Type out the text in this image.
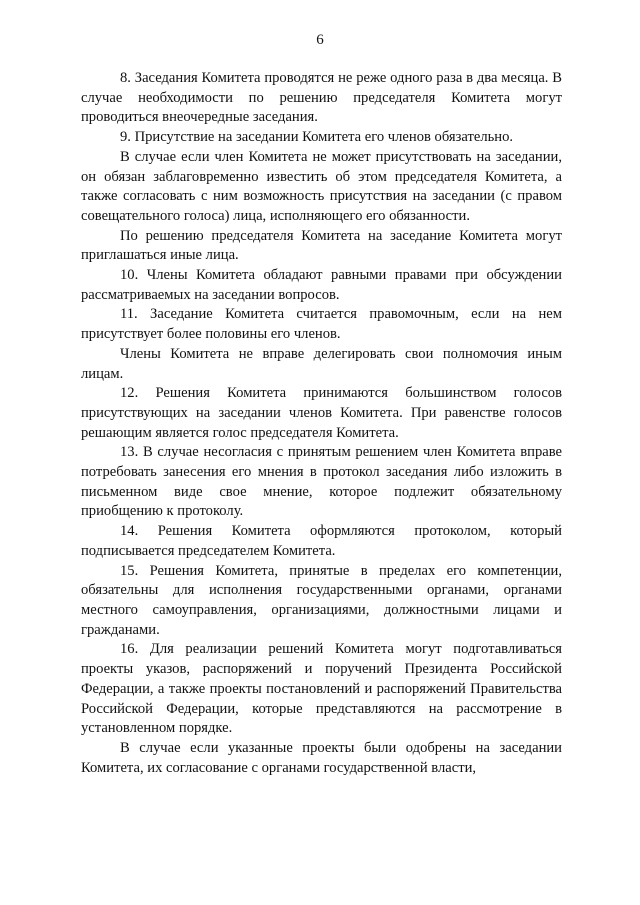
6

8. Заседания Комитета проводятся не реже одного раза в два месяца. В случае необходимости по решению председателя Комитета могут проводиться внеочередные заседания.

9. Присутствие на заседании Комитета его членов обязательно.

В случае если член Комитета не может присутствовать на заседании, он обязан заблаговременно известить об этом председателя Комитета, а также согласовать с ним возможность присутствия на заседании (с правом совещательного голоса) лица, исполняющего его обязанности.

По решению председателя Комитета на заседание Комитета могут приглашаться иные лица.

10. Члены Комитета обладают равными правами при обсуждении рассматриваемых на заседании вопросов.

11. Заседание Комитета считается правомочным, если на нем присутствует более половины его членов.

Члены Комитета не вправе делегировать свои полномочия иным лицам.

12. Решения Комитета принимаются большинством голосов присутствующих на заседании членов Комитета. При равенстве голосов решающим является голос председателя Комитета.

13. В случае несогласия с принятым решением член Комитета вправе потребовать занесения его мнения в протокол заседания либо изложить в письменном виде свое мнение, которое подлежит обязательному приобщению к протоколу.

14. Решения Комитета оформляются протоколом, который подписывается председателем Комитета.

15. Решения Комитета, принятые в пределах его компетенции, обязательны для исполнения государственными органами, органами местного самоуправления, организациями, должностными лицами и гражданами.

16. Для реализации решений Комитета могут подготавливаться проекты указов, распоряжений и поручений Президента Российской Федерации, а также проекты постановлений и распоряжений Правительства Российской Федерации, которые представляются на рассмотрение в установленном порядке.

В случае если указанные проекты были одобрены на заседании Комитета, их согласование с органами государственной власти,
